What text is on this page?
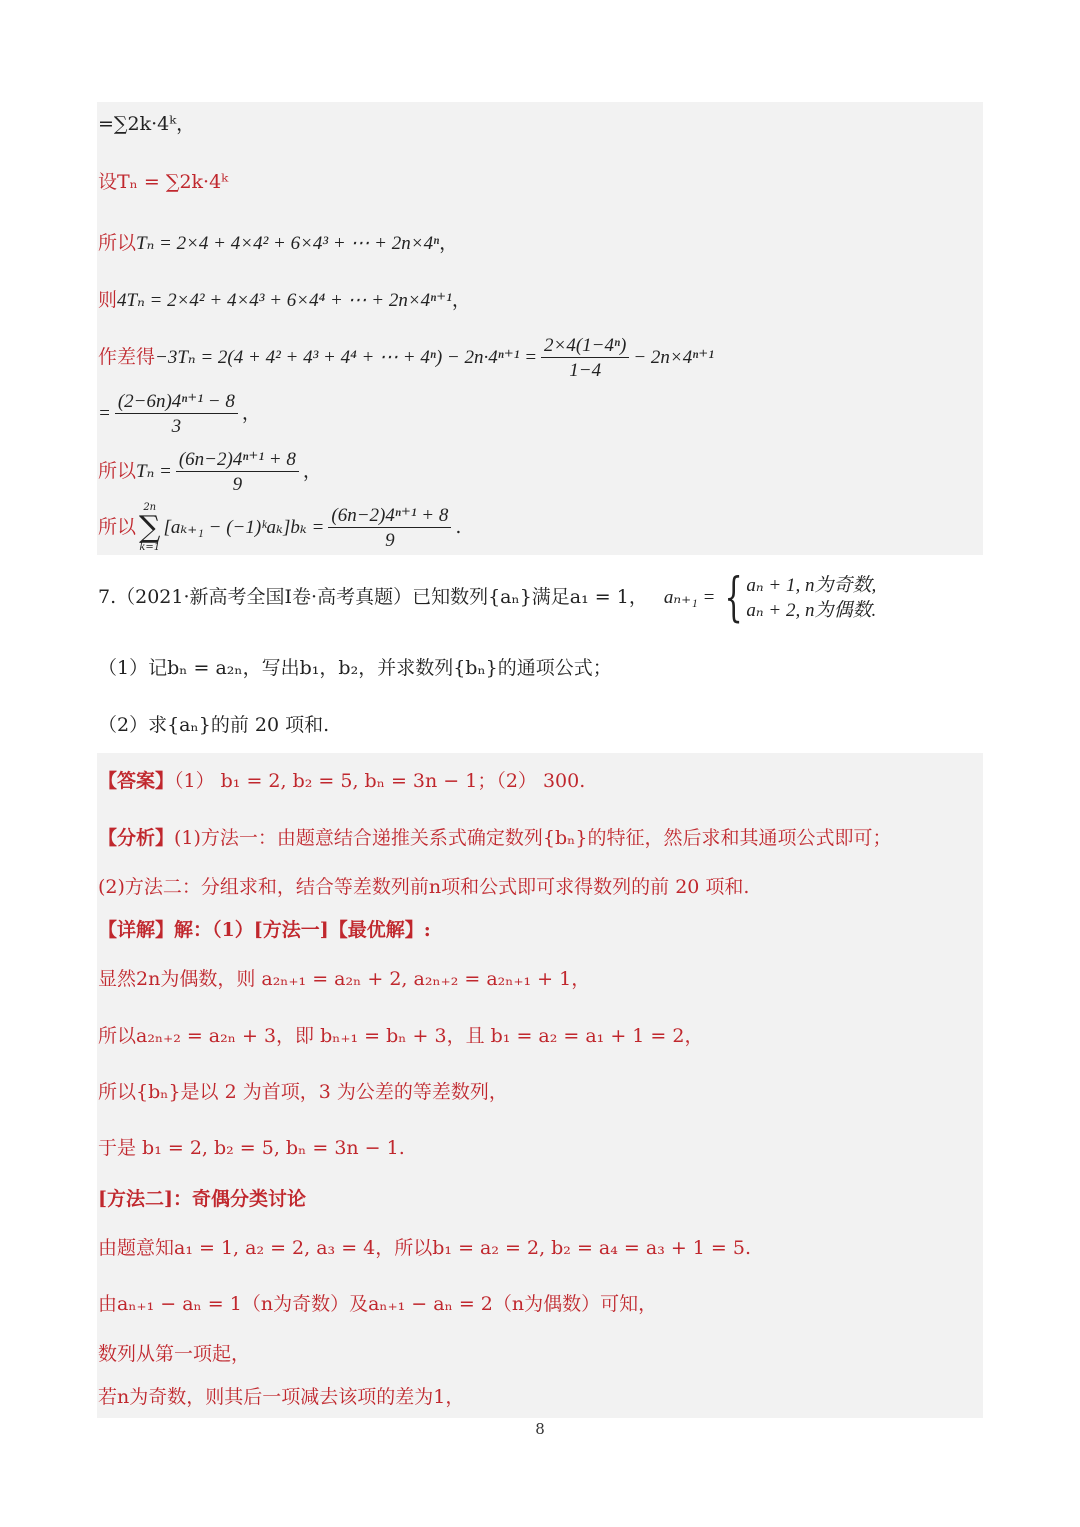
=∑2k·4ᵏ，
设Tₙ = ∑2k·4ᵏ
所以Tₙ = 2×4 + 4×4² + 6×4³ + ⋯ + 2n×4ⁿ，
则4Tₙ = 2×4² + 4×4³ + 6×4⁴ + ⋯ + 2n×4ⁿ⁺¹，
作差得−3Tₙ = 2(4 + 4² + 4³ + 4⁴ + ⋯ + $4^n) - 2n\cdot 4^{n+1} = \frac{\text{2×4(1−4ⁿ)}}{1-4} - 2n\times 4^{n+1}$
= $\frac{\text{(2−6n)4ⁿ⁺¹ − 8}}{3}$ ，
所以$T_n = \frac{\text{(6n−2)4ⁿ⁺¹ + 8}}{9}$ ，
所以
2n
∑
k=1
[aₖ₊₁ − (−1)ᵏaₖ]bₖ = $\frac{\text{(6n−2)4ⁿ⁺¹ + 8}}{9}$ .
7.（2021·新高考全国I卷·高考真题）已知数列{aₙ}满足a₁ = 1， aₙ₊₁ = { aₙ + 1, n为奇数,
aₙ + 2, n为偶数.
（1）记bₙ = a₂ₙ，写出b₁，b₂，并求数列{bₙ}的通项公式；
（2）求{aₙ}的前 20 项和.
【答案】（1） b₁ = 2, b₂ = 5, bₙ = 3n − 1；（2） 300.
【分析】(1)方法一：由题意结合递推关系式确定数列{bₙ}的特征，然后求和其通项公式即可；
(2)方法二：分组求和，结合等差数列前n项和公式即可求得数列的前 20 项和.
【详解】解：（1）[方法一]【最优解】:
显然2n为偶数，则 a₂ₙ₊₁ = a₂ₙ + 2, a₂ₙ₊₂ = a₂ₙ₊₁ + 1，
所以a₂ₙ₊₂ = a₂ₙ + 3，即 bₙ₊₁ = bₙ + 3，且 b₁ = a₂ = a₁ + 1 = 2，
所以{bₙ}是以 2 为首项，3 为公差的等差数列，
于是 b₁ = 2, b₂ = 5, bₙ = 3n − 1.
[方法二]：奇偶分类讨论
由题意知a₁ = 1, a₂ = 2, a₃ = 4，所以b₁ = a₂ = 2, b₂ = a₄ = a₃ + 1 = 5.
由aₙ₊₁ − aₙ = 1（n为奇数）及aₙ₊₁ − aₙ = 2（n为偶数）可知，
数列从第一项起，
若n为奇数，则其后一项减去该项的差为1，
8
